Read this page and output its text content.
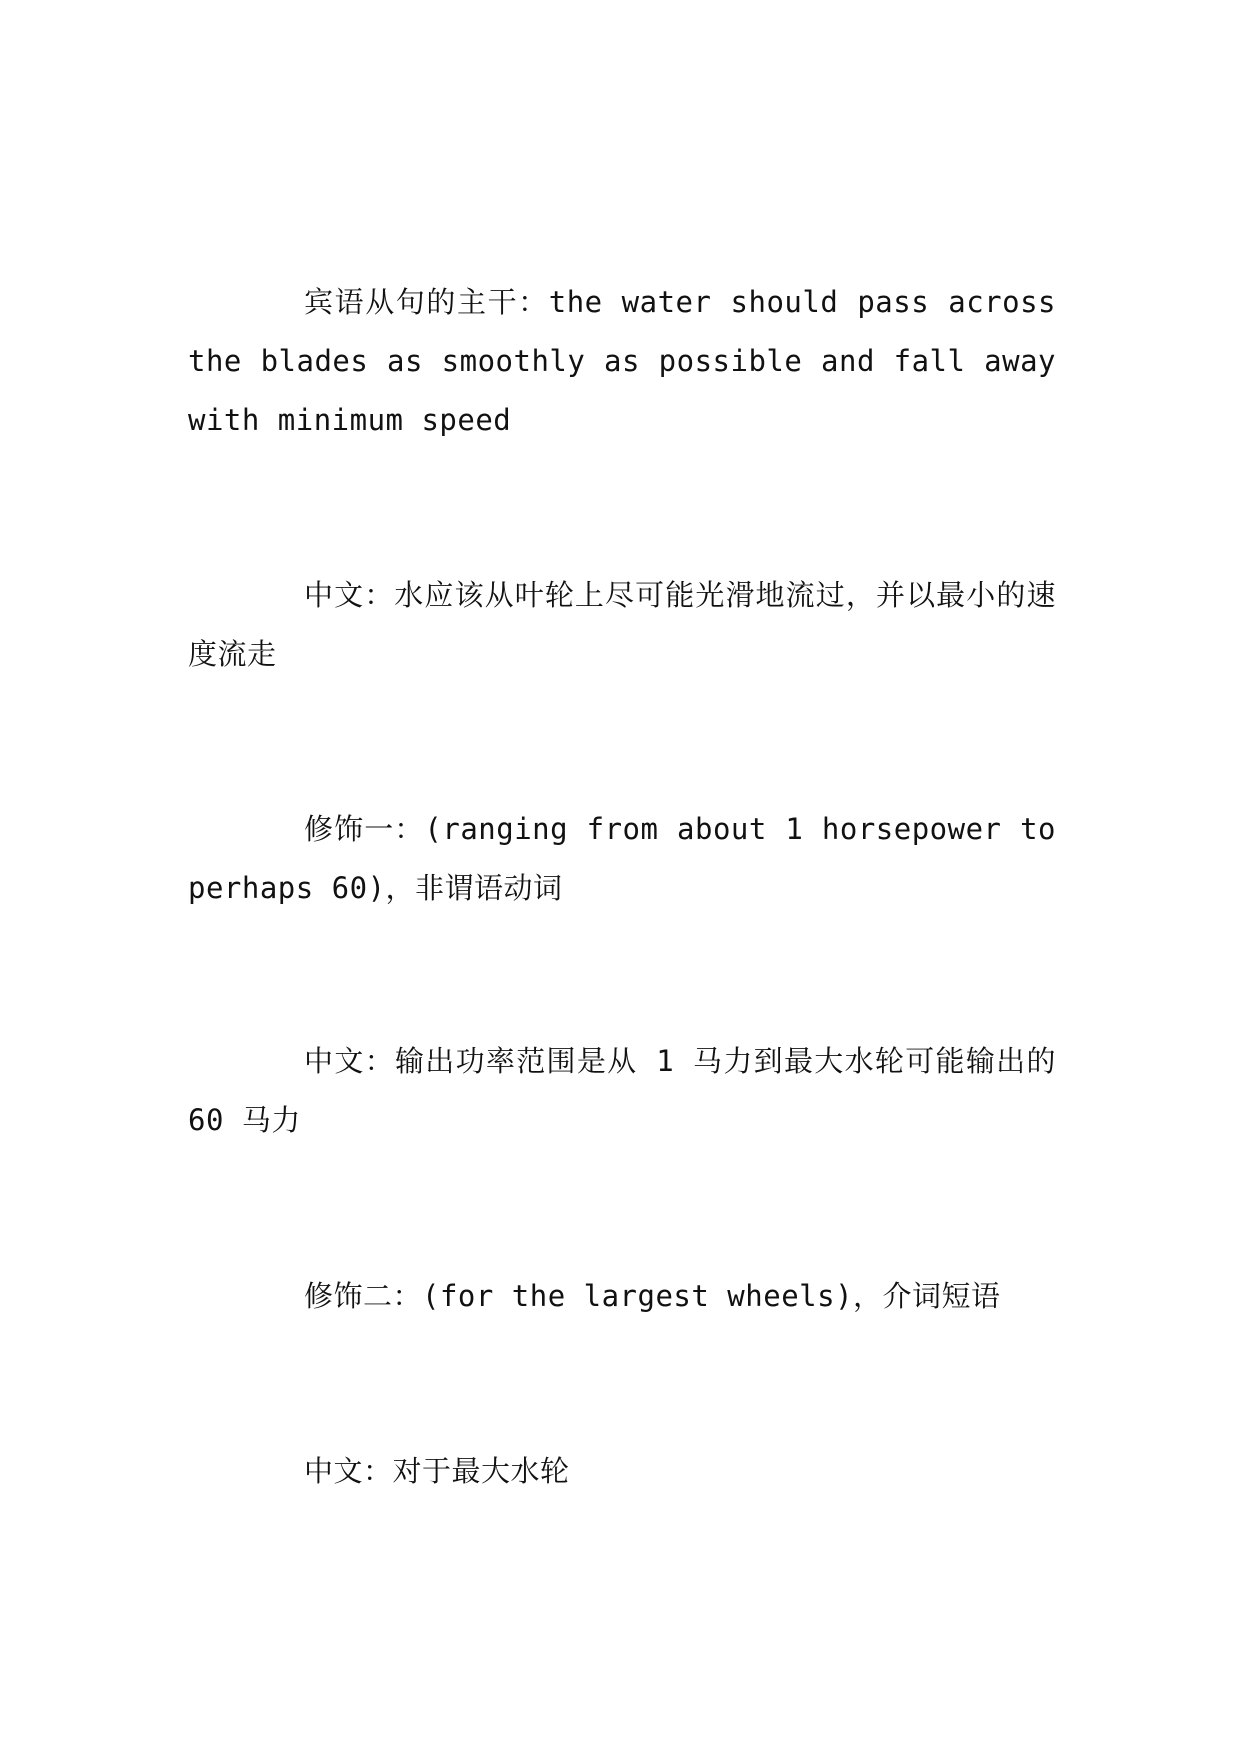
宾语从句的主干：the water should pass across the blades as smoothly as possible and fall away with minimum speed

中文：水应该从叶轮上尽可能光滑地流过，并以最小的速度流走

修饰一：(ranging from about 1 horsepower to perhaps 60)，非谓语动词

中文：输出功率范围是从 1 马力到最大水轮可能输出的 60 马力

修饰二：(for the largest wheels)，介词短语

中文：对于最大水轮
